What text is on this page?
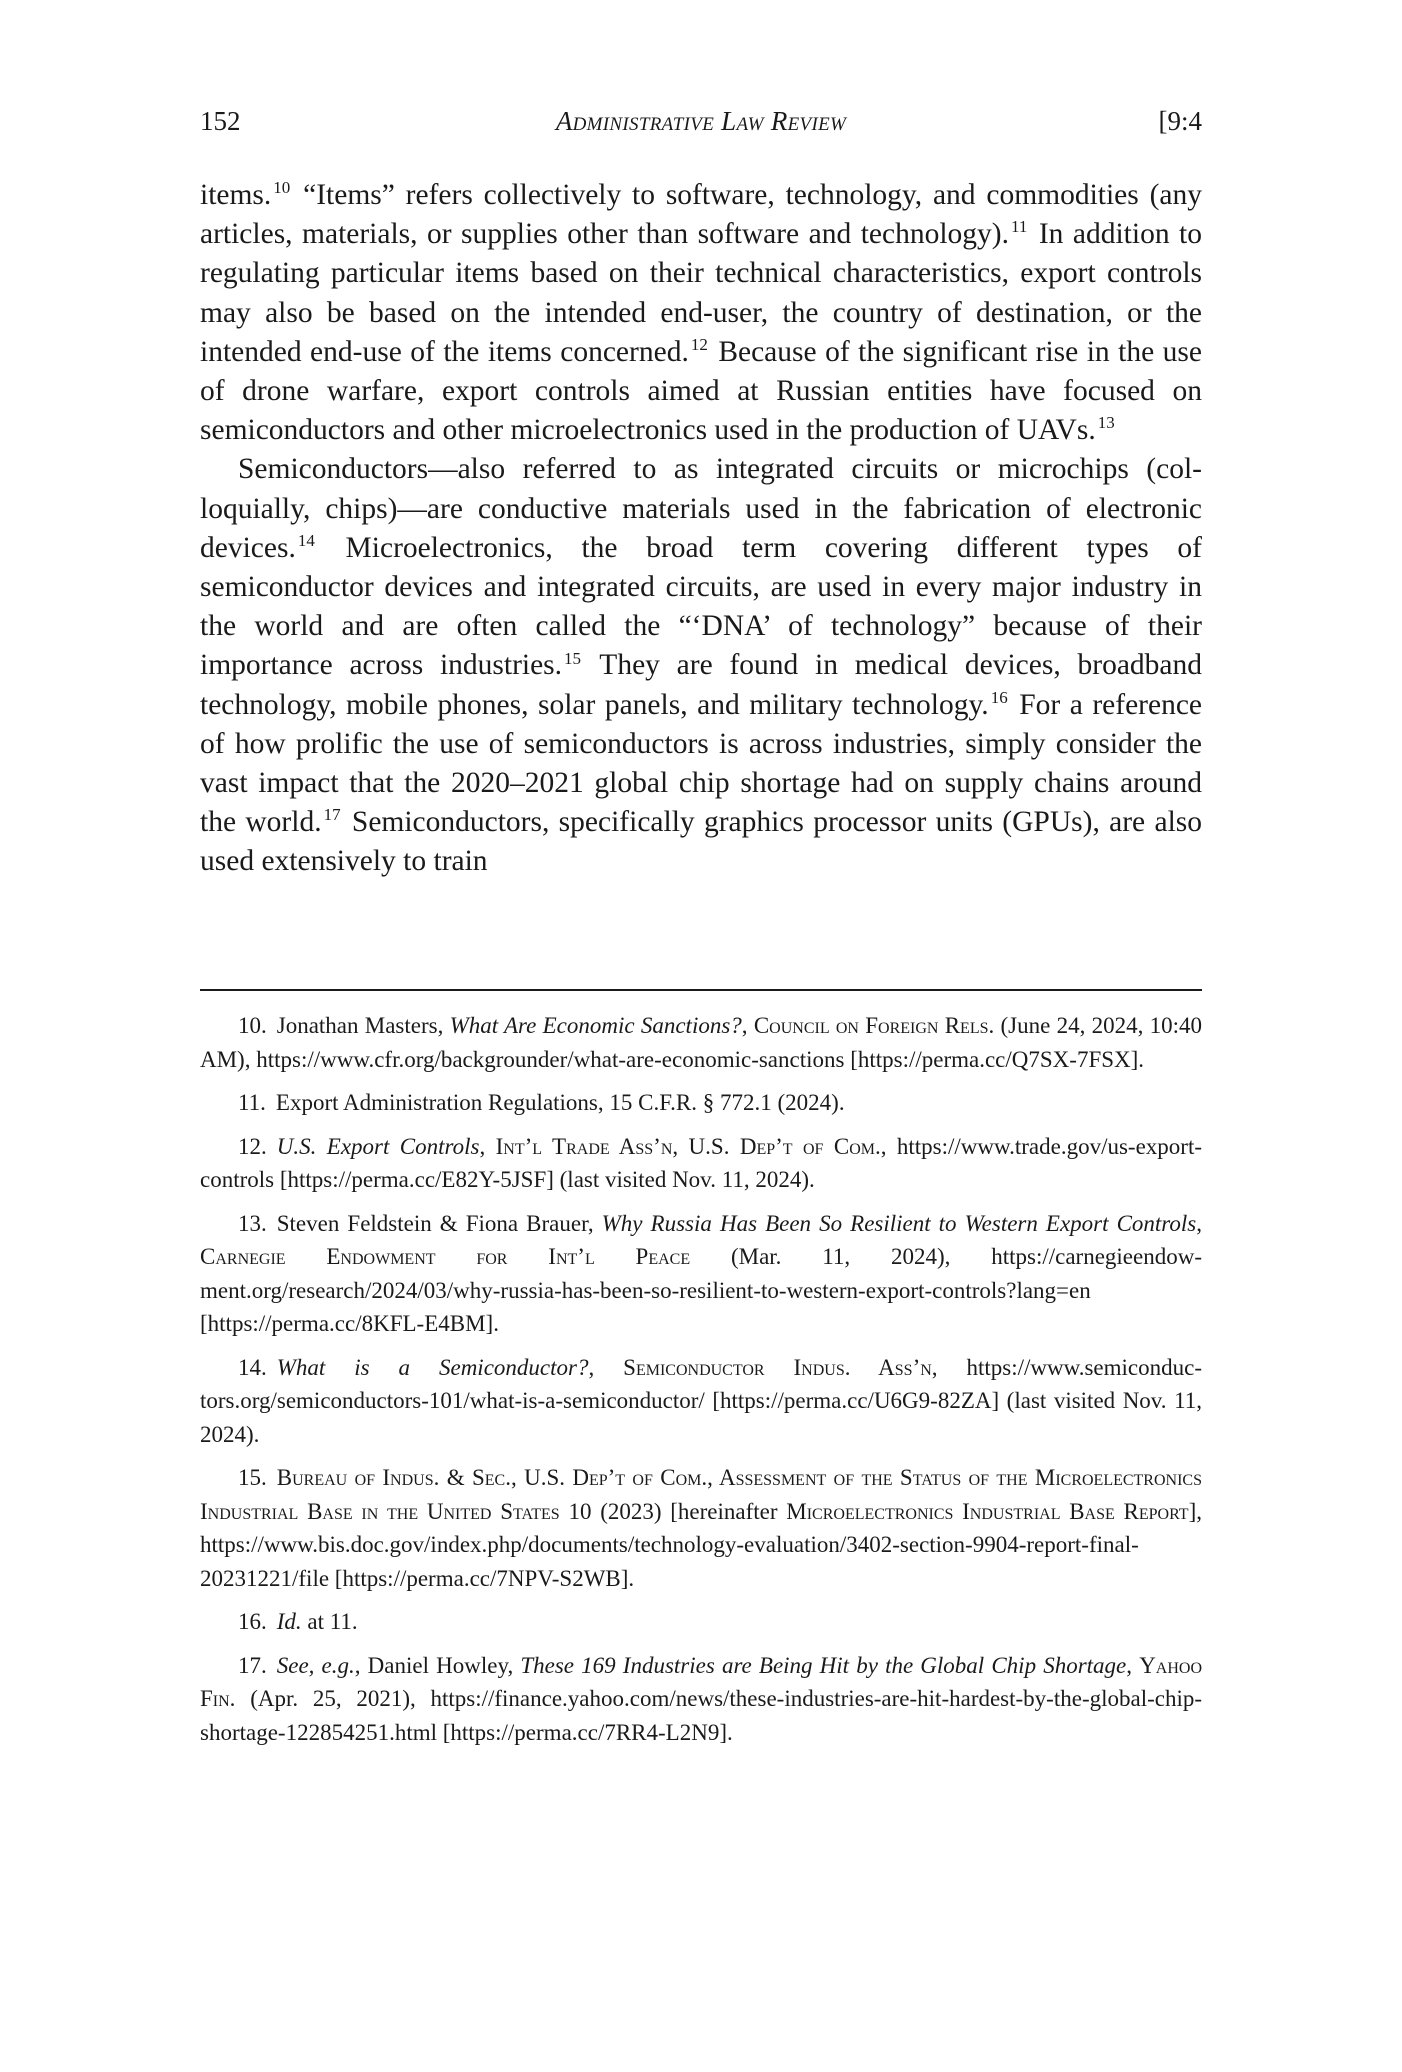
152	Administrative Law Review	[9:4

items. $^{10}$ “Items” refers collectively to software, technology, and commodities (any articles, materials, or supplies other than software and technology). $^{11}$ In addition to regulating particular items based on their technical characteristics, export controls may also be based on the intended end-user, the country of destination, or the intended end-use of the items concerned. $^{12}$ Because of the significant rise in the use of drone warfare, export controls aimed at Russian entities have focused on semiconductors and other microelectronics used in the production of UAVs. $^{13}$

Semiconductors—also referred to as integrated circuits or microchips (colloquially, chips)—are conductive materials used in the fabrication of electronic devices. $^{14}$ Microelectronics, the broad term covering different types of semiconductor devices and integrated circuits, are used in every major industry in the world and are often called the “‘DNA’ of technology” because of their importance across industries. $^{15}$ They are found in medical devices, broadband technology, mobile phones, solar panels, and military technology. $^{16}$ For a reference of how prolific the use of semiconductors is across industries, simply consider the vast impact that the 2020–2021 global chip shortage had on supply chains around the world. $^{17}$ Semiconductors, specifically graphics processor units (GPUs), are also used extensively to train

10. Jonathan Masters, What Are Economic Sanctions?, Council on Foreign Rels. (June 24, 2024, 10:40 AM), https://www.cfr.org/backgrounder/what-are-economic-sanctions [https://perma.cc/Q7SX-7FSX].

11. Export Administration Regulations, 15 C.F.R. § 772.1 (2024).

12. U.S. Export Controls, Int’l Trade Ass’n, U.S. Dep’t of Com., https://www.trade.gov/us-export-controls [https://perma.cc/E82Y-5JSF] (last visited Nov. 11, 2024).

13. Steven Feldstein & Fiona Brauer, Why Russia Has Been So Resilient to Western Export Controls, Carnegie Endowment for Int’l Peace (Mar. 11, 2024), https://carnegieendowment.org/research/2024/03/why-russia-has-been-so-resilient-to-western-export-controls?lang=en [https://perma.cc/8KFL-E4BM].

14. What is a Semiconductor?, Semiconductor Indus. Ass’n, https://www.semiconductors.org/semiconductors-101/what-is-a-semiconductor/ [https://perma.cc/U6G9-82ZA] (last visited Nov. 11, 2024).

15. Bureau of Indus. & Sec., U.S. Dep’t of Com., Assessment of the Status of the Microelectronics Industrial Base in the United States 10 (2023) [hereinafter Microelectronics Industrial Base Report], https://www.bis.doc.gov/index.php/documents/technology-evaluation/3402-section-9904-report-final-20231221/file [https://perma.cc/7NPV-S2WB].

16. Id. at 11.

17. See, e.g., Daniel Howley, These 169 Industries are Being Hit by the Global Chip Shortage, Yahoo Fin. (Apr. 25, 2021), https://finance.yahoo.com/news/these-industries-are-hit-hardest-by-the-global-chip-shortage-122854251.html [https://perma.cc/7RR4-L2N9].
